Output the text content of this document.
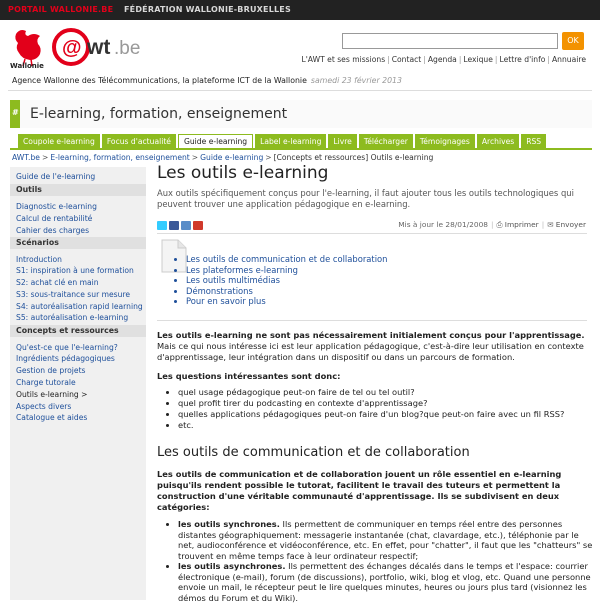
PORTAIL WALLONIE.BE FÉDÉRATION WALLONIE-BRUXELLES
Wallonie
@ wt .be	OK
L'AWT et ses missions | Contact | Agenda | Lexique | Lettre d'info | Annuaire
Agence Wallonne des Télécommunications, la plateforme ICT de la Wallonie samedi 23 février 2013
# E-learning, formation, enseignement
Coupole e-learning	Focus d'actualité	Guide e-learning	Label e-learning	Livre	Télécharger	Témoignages	Archives	RSS
AWT.be > E-learning, formation, enseignement > Guide e-learning > [Concepts et ressources] Outils e-learning
Guide de l'e-learning
Outils
Diagnostic e-learning
Calcul de rentabilité
Cahier des charges
Scénarios
Introduction
S1: inspiration à une formation
S2: achat clé en main
S3: sous-traitance sur mesure
S4: autoréalisation rapid learning
S5: autoréalisation e-learning
Concepts et ressources
Qu'est-ce que l'e-learning?
Ingrédients pédagogiques
Gestion de projets
Charge tutorale
Outils e-learning >
Aspects divers
Catalogue et aides
Les outils e-learning
Aux outils spécifiquement conçus pour l'e-learning, il faut ajouter tous les outils technologiques qui peuvent trouver une application pédagogique en e-learning.
Mis à jour le 28/01/2008 | ⎙ Imprimer | ✉ Envoyer
• Les outils de communication et de collaboration
• Les plateformes e-learning
• Les outils multimédias
• Démonstrations
• Pour en savoir plus
Les outils e-learning ne sont pas nécessairement initialement conçus pour l'apprentissage. Mais ce qui nous intéresse ici est leur application pédagogique, c'est-à-dire leur utilisation en contexte d'apprentissage, leur intégration dans un dispositif ou dans un parcours de formation.
Les questions intéressantes sont donc:
• quel usage pédagogique peut-on faire de tel ou tel outil?
• quel profit tirer du podcasting en contexte d'apprentissage?
• quelles applications pédagogiques peut-on faire d'un blog?que peut-on faire avec un fil RSS?
• etc.
Les outils de communication et de collaboration
Les outils de communication et de collaboration jouent un rôle essentiel en e-learning puisqu'ils rendent possible le tutorat, facilitent le travail des tuteurs et permettent la construction d'une véritable communauté d'apprentissage. Ils se subdivisent en deux catégories:
• les outils synchrones. Ils permettent de communiquer en temps réel entre des personnes distantes géographiquement: messagerie instantanée (chat, clavardage, etc.), téléphonie par le net, audioconférence et vidéoconférence, etc. En effet, pour "chatter", il faut que les "chatteurs" se trouvent en même temps face à leur ordinateur respectif;
• les outils asynchrones. Ils permettent des échanges décalés dans le temps et l'espace: courrier électronique (e-mail), forum (de discussions), portfolio, wiki, blog et vlog, etc. Quand une personne envoie un mail, le récepteur peut le lire quelques minutes, heures ou jours plus tard (visionnez les démos du Forum et du Wiki).
